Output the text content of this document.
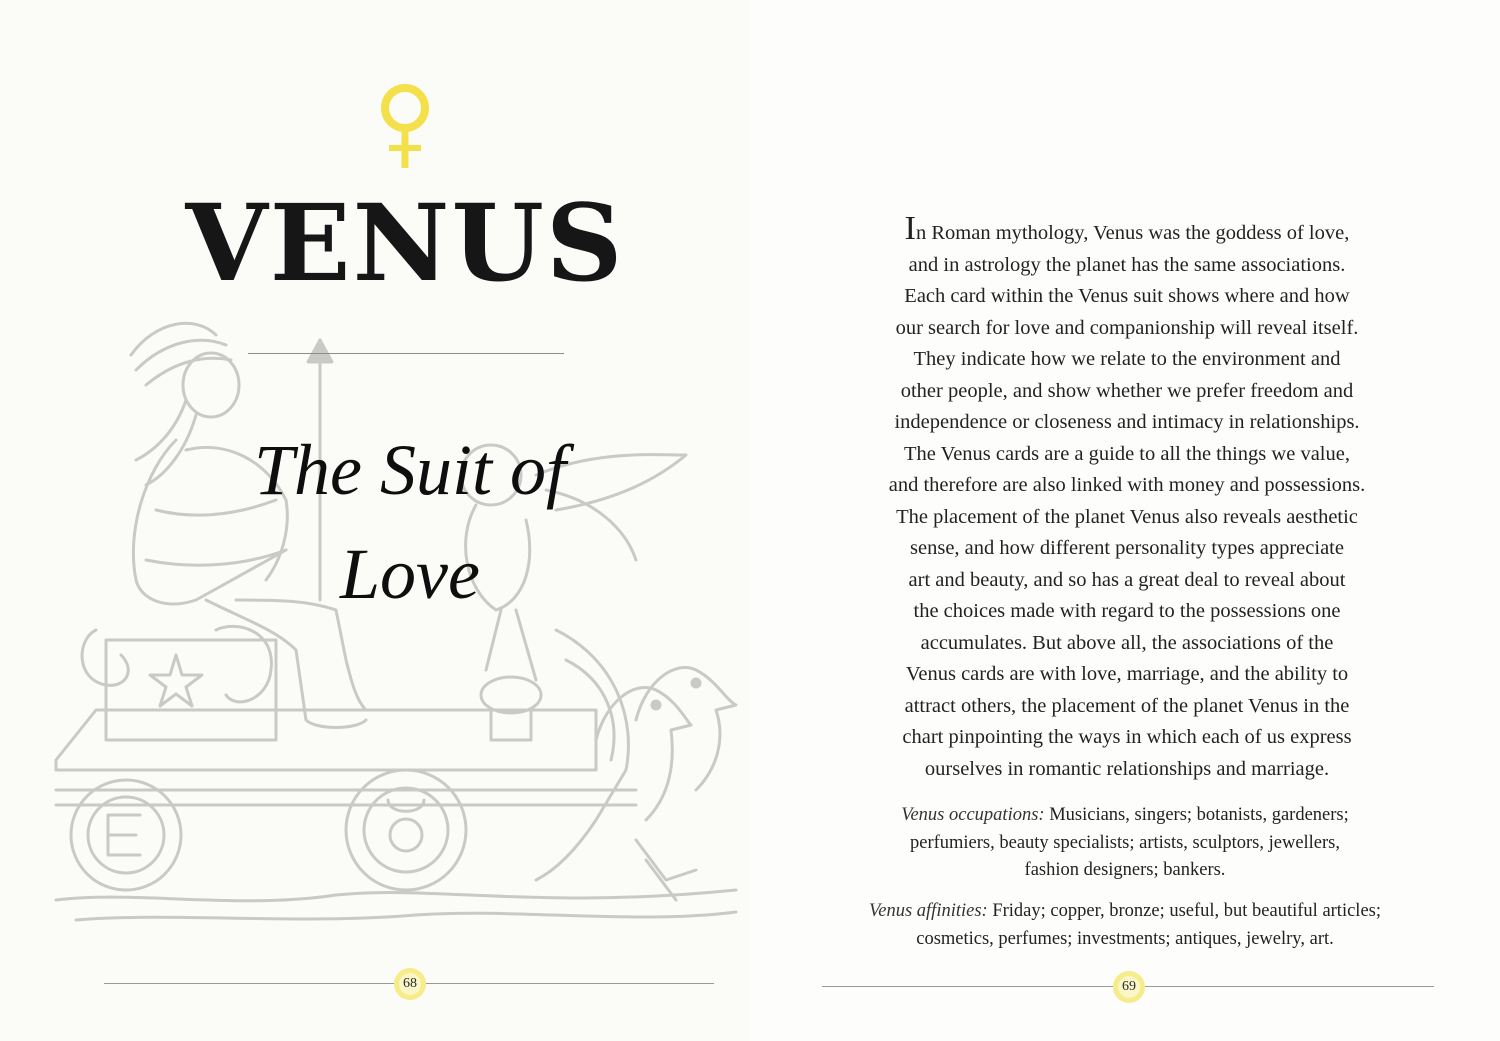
VENUS
The Suit of
Love
68
In Roman mythology, Venus was the goddess of love,
and in astrology the planet has the same associations.
Each card within the Venus suit shows where and how
our search for love and companionship will reveal itself.
They indicate how we relate to the environment and
other people, and show whether we prefer freedom and
independence or closeness and intimacy in relationships.
The Venus cards are a guide to all the things we value,
and therefore are also linked with money and possessions.
The placement of the planet Venus also reveals aesthetic
sense, and how different personality types appreciate
art and beauty, and so has a great deal to reveal about
the choices made with regard to the possessions one
accumulates. But above all, the associations of the
Venus cards are with love, marriage, and the ability to
attract others, the placement of the planet Venus in the
chart pinpointing the ways in which each of us express
ourselves in romantic relationships and marriage.
Venus occupations: Musicians, singers; botanists, gardeners;
perfumiers, beauty specialists; artists, sculptors, jewellers,
fashion designers; bankers.
Venus affinities: Friday; copper, bronze; useful, but beautiful articles;
cosmetics, perfumes; investments; antiques, jewelry, art.
69
